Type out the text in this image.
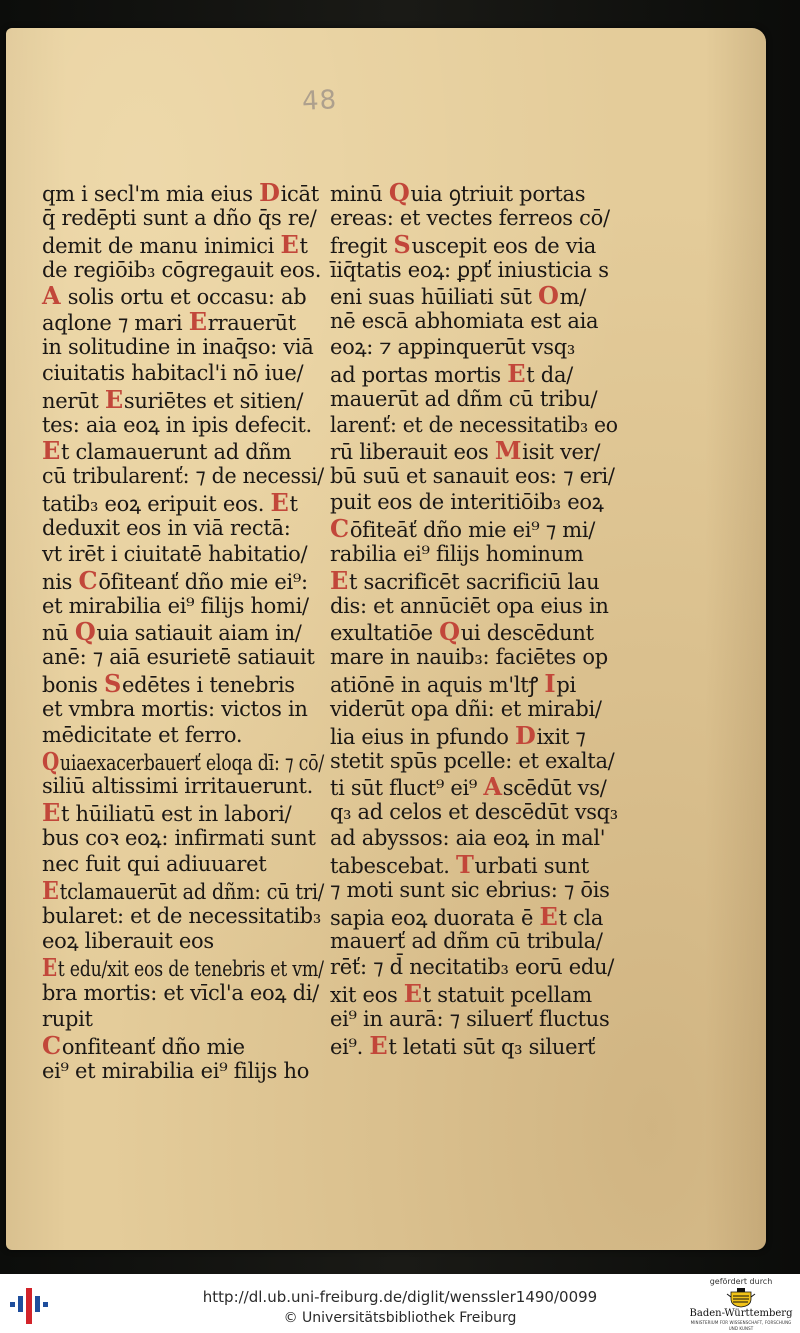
48
qm i secl'm mia eius Dicāt
q̄ redēpti sunt a dño q̄s re/
demit de manu inimici Et
de regiōib₃ cōgregauit eos.
A solis ortu et occasu: ab
aqlone ⁊ mari Errauerūt
in solitudine in inaq̄so: viā
ciuitatis habitacl'i nō iue/
nerūt Esuriētes et sitien/
tes: aia eoꝝ in ipis defecit.
Et clamauerunt ad dñm
cū tribularenť: ⁊ de necessi/
tatib₃ eoꝝ eripuit eos. Et
deduxit eos in viā rectā:
vt irēt i ciuitatē habitatio/
nis Cōfiteanť dño mie ei⁹:
et mirabilia ei⁹ filijs homi/
nū Quia satiauit aiam in/
anē: ⁊ aiā esurietē satiauit
bonis Sedētes i tenebris
et vmbra mortis: victos in
mēdicitate et ferro.
Quiaexacerbauerť eloqa dī: ⁊ cō/
siliū altissimi irritauerunt.
Et hūiliatū est in labori/
bus coꝛ eoꝝ: infirmati sunt
nec fuit qui adiuuaret
Etclamauerūt ad dñm: cū tri/
bularet: et de necessitatib₃
eoꝝ liberauit eos
Et edu/xit eos de tenebris et vm/
bra mortis: et vīcl'a eoꝝ di/
rupit
Confiteanť dño mie
ei⁹ et mirabilia ei⁹ filijs ho
minū Quia ꝯtriuit portas
ereas: et vectes ferreos cō/
fregit Suscepit eos de via
īiq̄tatis eoꝝ: ꝑpť iniusticia s
eni suas hūiliati sūt Om/
nē escā abhomiata est aia
eoꝝ: ⁊ appinquerūt vsq₃
ad portas mortis Et da/
mauerūt ad dñm cū tribu/
larenť: et de necessitatib₃ eo
rū liberauit eos Misit ver/
bū suū et sanauit eos: ⁊ eri/
puit eos de interitiōib₃ eoꝝ
Cōfiteāť dño mie ei⁹ ⁊ mi/
rabilia ei⁹ filijs hominum
Et sacrificēt sacrificiū lau
dis: et annūciēt opa eius in
exultatiōe Qui descēdunt
mare in nauib₃: faciētes op
atiōnē in aquis m'ltꝭ Ipi
viderūt opa dñi: et mirabi/
lia eius in pfundo Dixit ⁊
stetit spūs pcelle: et exalta/
ti sūt fluct⁹ ei⁹ Ascēdūt vs/
q₃ ad celos et descēdūt vsq₃
ad abyssos: aia eoꝝ in mal'
tabescebat. Turbati sunt
⁊ moti sunt sic ebrius: ⁊ ōis
sapia eoꝝ duorata ē Et cla
mauerť ad dñm cū tribula/
rēť: ⁊ d̄ necitatib₃ eorū edu/
xit eos Et statuit pcellam
ei⁹ in aurā: ⁊ siluerť fluctus
ei⁹. Et letati sūt q₃ siluerť
http://dl.ub.uni-freiburg.de/diglit/wenssler1490/0099
© Universitätsbibliothek Freiburg
gefördert durch
Baden-Württemberg
MINISTERIUM FÜR WISSENSCHAFT, FORSCHUNG UND KUNST
